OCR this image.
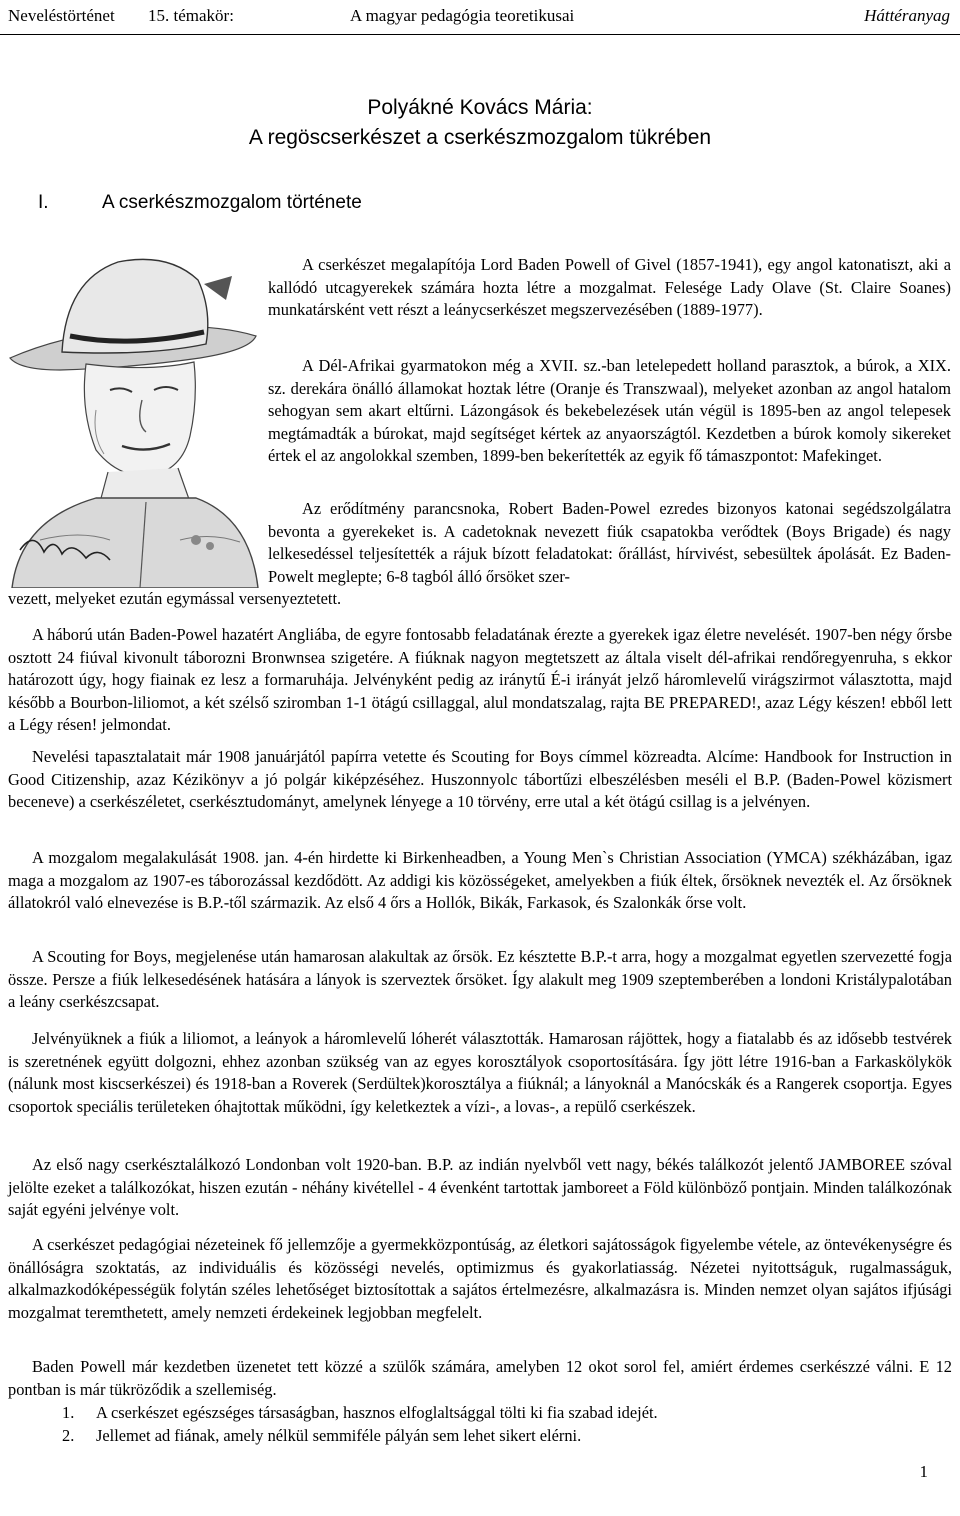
Neveléstörténet 15. témakör:	A magyar pedagógia teoretikusai	Háttéranyag
Polyákné Kovács Mária:
A regöscserkészet a cserkészmozgalom tükrében
I.	A cserkészmozgalom története

A cserkészet megalapítója Lord Baden Powell of Givel (1857-1941), egy angol katonatiszt, aki a kallódó utcagyerekek számára hozta létre a mozgalmat. Felesége Lady Olave (St. Claire Soanes) munkatársként vett részt a leánycserkészet megszervezésében (1889-1977).

A Dél-Afrikai gyarmatokon még a XVII. sz.-ban letelepedett holland parasztok, a búrok, a XIX. sz. derekára önálló államokat hoztak létre (Oranje és Transzwaal), melyeket azonban az angol hatalom sehogyan sem akart eltűrni. Lázongások és bekebelezések után végül is 1895-ben az angol telepesek megtámadták a búrokat, majd segítséget kértek az anyaországtól. Kezdetben a búrok komoly sikereket értek el az angolokkal szemben, 1899-ben bekerítették az egyik fő támaszpontot: Mafekinget.

Az erődítmény parancsnoka, Robert Baden-Powel ezredes bizonyos katonai segédszolgálatra bevonta a gyerekeket is. A cadetoknak nevezett fiúk csapatokba verődtek (Boys Brigade) és nagy lelkesedéssel teljesítették a rájuk bízott feladatokat: őrállást, hírvivést, sebesültek ápolását. Ez Baden-Powelt meglepte; 6-8 tagból álló őrsöket szer-

vezett, melyeket ezután egymással versenyeztetett.

A háború után Baden-Powel hazatért Angliába, de egyre fontosabb feladatának érezte a gyerekek igaz életre nevelését. 1907-ben négy őrsbe osztott 24 fiúval kivonult táborozni Bronwnsea szigetére. A fiúknak nagyon megtetszett az általa viselt dél-afrikai rendőregyenruha, s ekkor határozott úgy, hogy fiainak ez lesz a formaruhája. Jelvényként pedig az iránytű É-i irányát jelző háromlevelű virágszirmot választotta, majd később a Bourbon-liliomot, a két szélső sziromban 1-1 ötágú csillaggal, alul mondatszalag, rajta BE PREPARED!, azaz Légy készen! ebből lett a Légy résen! jelmondat.

Nevelési tapasztalatait már 1908 januárjától papírra vetette és Scouting for Boys címmel közreadta. Alcíme: Handbook for Instruction in Good Citizenship, azaz Kézikönyv a jó polgár kiképzéséhez. Huszonnyolc tábortűzi elbeszélésben meséli el B.P. (Baden-Powel közismert beceneve) a cserkészéletet, cserkésztudományt, amelynek lényege a 10 törvény, erre utal a két ötágú csillag is a jelvényen.

A mozgalom megalakulását 1908. jan. 4-én hirdette ki Birkenheadben, a Young Men`s Christian Association (YMCA) székházában, igaz maga a mozgalom az 1907-es táborozással kezdődött. Az addigi kis közösségeket, amelyekben a fiúk éltek, őrsöknek nevezték el. Az őrsöknek állatokról való elnevezése is B.P.-től származik. Az első 4 őrs a Hollók, Bikák, Farkasok, és Szalonkák őrse volt.

A Scouting for Boys, megjelenése után hamarosan alakultak az őrsök. Ez késztette B.P.-t arra, hogy a mozgalmat egyetlen szervezetté fogja össze. Persze a fiúk lelkesedésének hatására a lányok is szerveztek őrsöket. Így alakult meg 1909 szeptemberében a londoni Kristálypalotában a leány cserkészcsapat.

Jelvényüknek a fiúk a liliomot, a leányok a háromlevelű lóherét választották. Hamarosan rájöttek, hogy a fiatalabb és az idősebb testvérek is szeretnének együtt dolgozni, ehhez azonban szükség van az egyes korosztályok csoportosítására. Így jött létre 1916-ban a Farkaskölykök (nálunk most kiscserkészei) és 1918-ban a Roverek (Serdültek)korosztálya a fiúknál; a lányoknál a Manócskák és a Rangerek csoportja. Egyes csoportok speciális területeken óhajtottak működni, így keletkeztek a vízi-, a lovas-, a repülő cserkészek.

Az első nagy cserkésztalálkozó Londonban volt 1920-ban. B.P. az indián nyelvből vett nagy, békés találkozót jelentő JAMBOREE szóval jelölte ezeket a találkozókat, hiszen ezután - néhány kivétellel - 4 évenként tartottak jamboreet a Föld különböző pontjain. Minden találkozónak saját egyéni jelvénye volt.

A cserkészet pedagógiai nézeteinek fő jellemzője a gyermekközpontúság, az életkori sajátosságok figyelembe vétele, az öntevékenységre és önállóságra szoktatás, az individuális és közösségi nevelés, optimizmus és gyakorlatiasság. Nézetei nyitottságuk, rugalmasságuk, alkalmazkodóképességük folytán széles lehetőséget biztosítottak a sajátos értelmezésre, alkalmazásra is. Minden nemzet olyan sajátos ifjúsági mozgalmat teremthetett, amely nemzeti érdekeinek legjobban megfelelt.

Baden Powell már kezdetben üzenetet tett közzé a szülők számára, amelyben 12 okot sorol fel, amiért érdemes cserkészzé válni. E 12 pontban is már tükröződik a szellemiség.

1. A cserkészet egészséges társaságban, hasznos elfoglaltsággal tölti ki fia szabad idejét.
2. Jellemet ad fiának, amely nélkül semmiféle pályán sem lehet sikert elérni.
1
